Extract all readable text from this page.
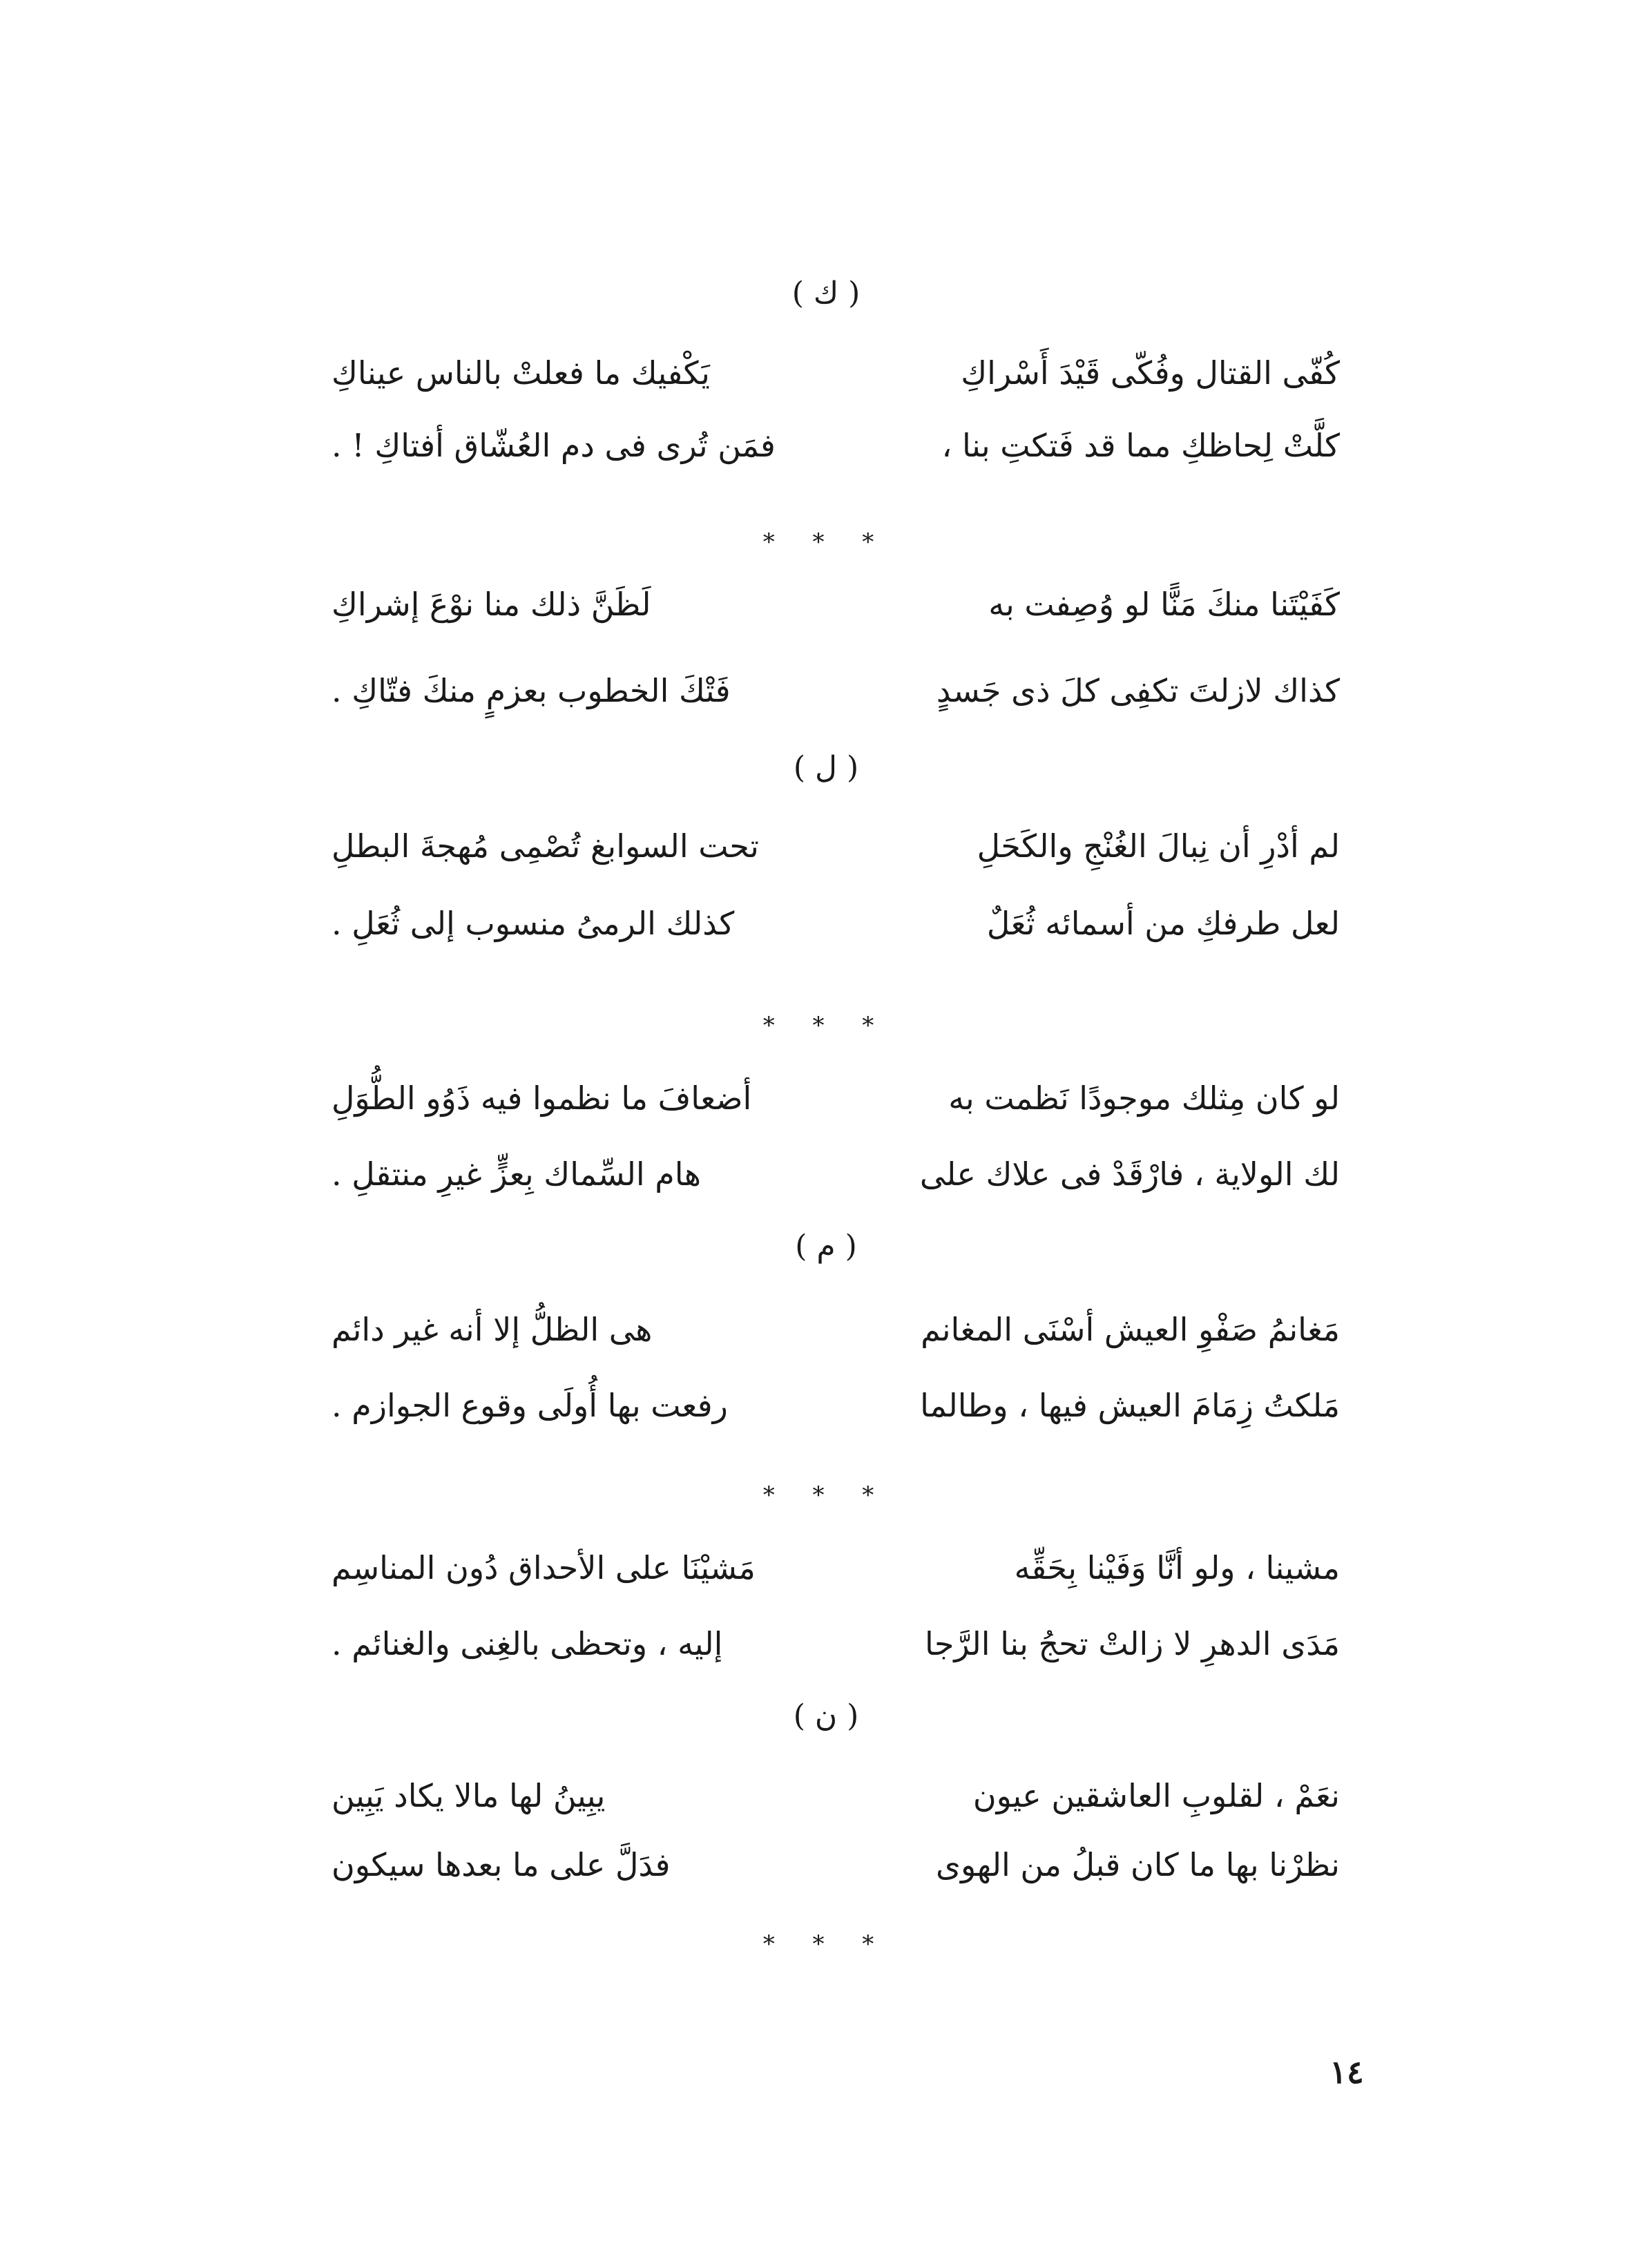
( ك )
كُفّى القتال وفُكّى قَيْدَ أَسْراكِ
يَكْفيك ما فعلتْ بالناس عيناكِ
كلَّتْ لِحاظكِ مما قد فَتكتِ بنا ،
فمَن تُرى فى دم العُشّاق أفتاكِ ! .
* * *
كَفَيْتَنا منكَ مَنًّا لو وُصِفت به
لَظَنَّ ذلك منا نوْعَ إشراكِ
كذاك لازلتَ تكفِى كلَ ذى جَسدٍ
فَتْكَ الخطوب بعزمٍ منكَ فتّاكِ .
( ل )
لم أدْرِ أن نِبالَ الغُنْجِ والكَحَلِ
تحت السوابغ تُصْمِى مُهجةَ البطلِ
لعل طرفكِ من أسمائه ثُعَلٌ
كذلك الرمىُ منسوب إلى ثُعَلِ .
* * *
لو كان مِثلك موجودًا نَظمت به
أضعافَ ما نظموا فيه ذَوُو الطُّوَلِ
لك الولاية ، فارْقَدْ فى علاك على
هام السِّماك بِعزٍّ غيرِ منتقلِ .
( م )
مَغانمُ صَفْوِ العيش أسْنَى المغانم
هى الظلُّ إلا أنه غير دائم
مَلكتُ زِمَامَ العيش فيها ، وطالما
رفعت بها أُولَى وقوع الجوازم .
* * *
مشينا ، ولو أنَّا وَفَيْنا بِحَقِّه
مَشيْنَا على الأحداق دُون المناسِم
مَدَى الدهرِ لا زالتْ تحجُ بنا الرَّجا
إليه ، وتحظى بالغِنى والغنائم .
( ن )
نعَمْ ، لقلوبِ العاشقين عيون
يبِينُ لها مالا يكاد يَبِين
نظرْنا بها ما كان قبلُ من الهوى
فدَلَّ على ما بعدها سيكون
* * *
١٤
